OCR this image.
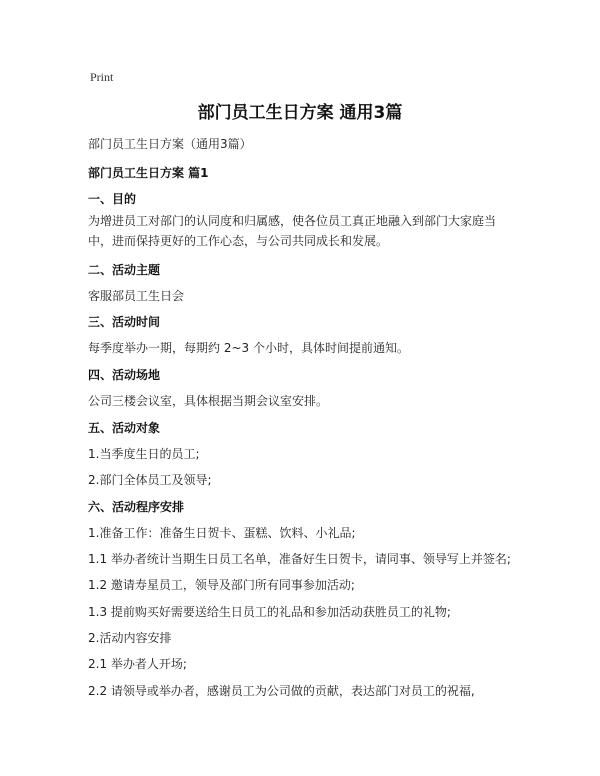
Print
部门员工生日方案 通用3篇
部门员工生日方案（通用3篇）
部门员工生日方案 篇1
一、目的
为增进员工对部门的认同度和归属感，使各位员工真正地融入到部门大家庭当中，进而保持更好的工作心态，与公司共同成长和发展。
二、活动主题
客服部员工生日会
三、活动时间
每季度举办一期，每期约 2~3 个小时，具体时间提前通知。
四、活动场地
公司三楼会议室，具体根据当期会议室安排。
五、活动对象
1.当季度生日的员工;
2.部门全体员工及领导;
六、活动程序安排
1.准备工作：准备生日贺卡、蛋糕、饮料、小礼品;
1.1 举办者统计当期生日员工名单，准备好生日贺卡，请同事、领导写上并签名;
1.2 邀请寿星员工，领导及部门所有同事参加活动;
1.3 提前购买好需要送给生日员工的礼品和参加活动获胜员工的礼物;
2.活动内容安排
2.1 举办者人开场;
2.2 请领导或举办者，感谢员工为公司做的贡献，表达部门对员工的祝福,
